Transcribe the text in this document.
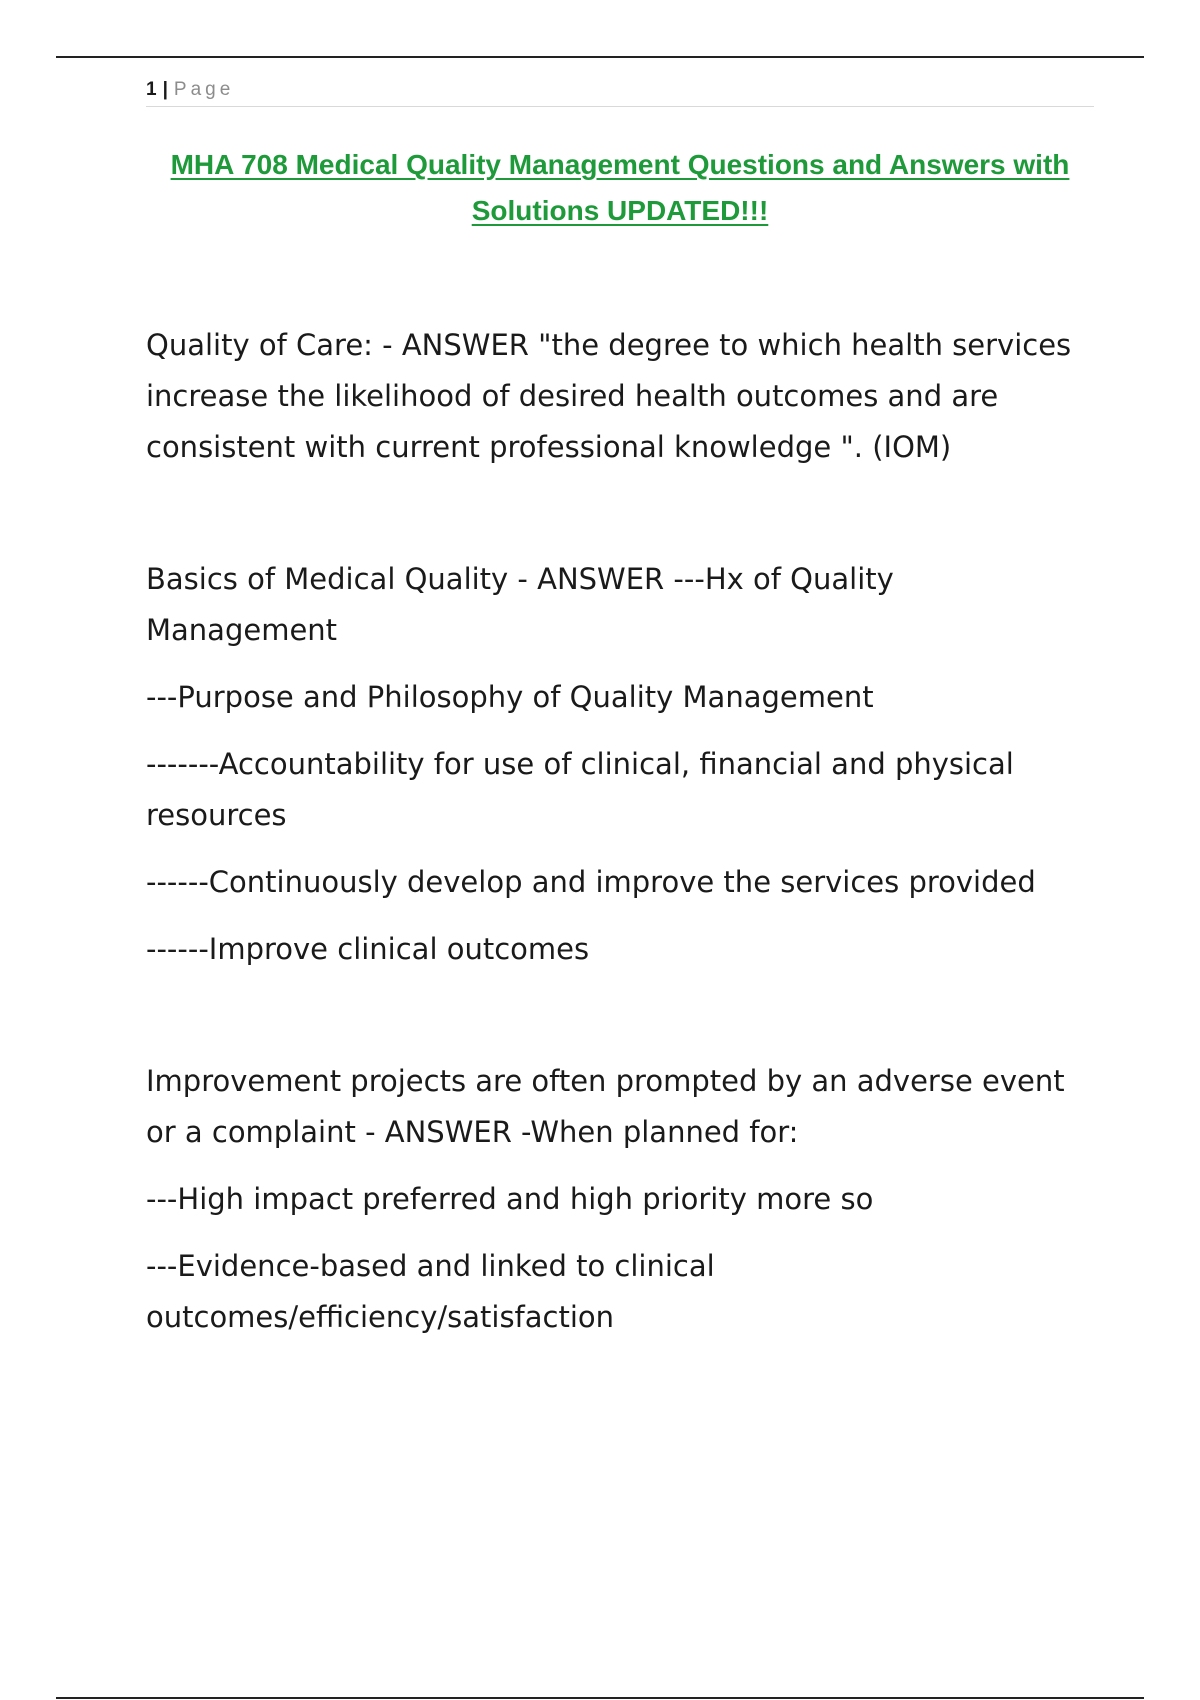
1 | Page
MHA 708 Medical Quality Management Questions and Answers with Solutions UPDATED!!!

Quality of Care: - ANSWER "the degree to which health services increase the likelihood of desired health outcomes and are consistent with current professional knowledge ". (IOM)

Basics of Medical Quality - ANSWER ---Hx of Quality Management

---Purpose and Philosophy of Quality Management

-------Accountability for use of clinical, financial and physical resources

------Continuously develop and improve the services provided

------Improve clinical outcomes

Improvement projects are often prompted by an adverse event or a complaint - ANSWER -When planned for:

---High impact preferred and high priority more so

---Evidence-based and linked to clinical outcomes/efficiency/satisfaction
